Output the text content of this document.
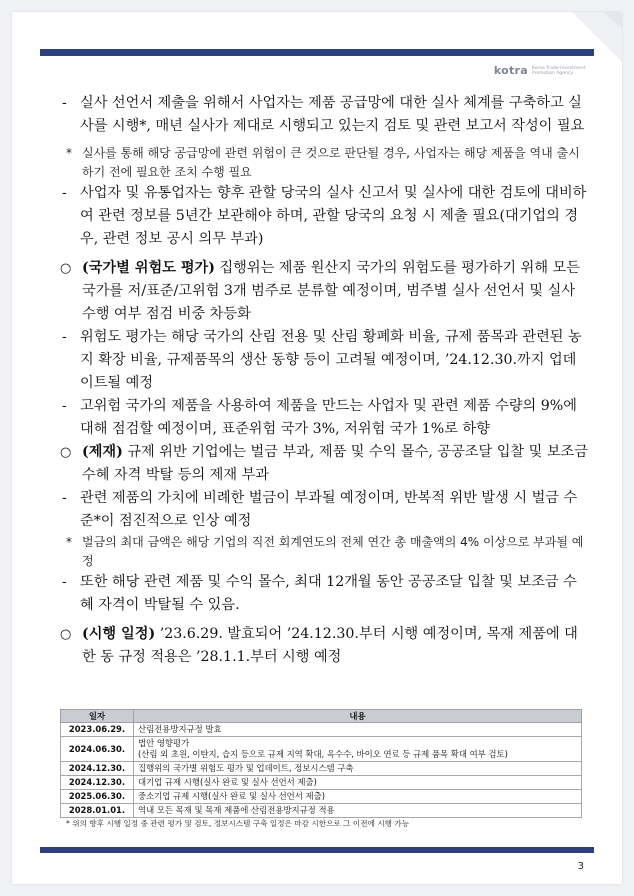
kotra Korea Trade-Investment Promotion Agency

- 실사 선언서 제출을 위해서 사업자는 제품 공급망에 대한 실사 체계를 구축하고 실사를 시행*, 매년 실사가 제대로 시행되고 있는지 검토 및 관련 보고서 작성이 필요

* 실사를 통해 해당 공급망에 관련 위험이 큰 것으로 판단될 경우, 사업자는 해당 제품을 역내 출시하기 전에 필요한 조치 수행 필요

- 사업자 및 유통업자는 향후 관할 당국의 실사 신고서 및 실사에 대한 검토에 대비하여 관련 정보를 5년간 보관해야 하며, 관할 당국의 요청 시 제출 필요(대기업의 경우, 관련 정보 공시 의무 부과)

○ (국가별 위험도 평가) 집행위는 제품 원산지 국가의 위험도를 평가하기 위해 모든 국가를 저/표준/고위험 3개 범주로 분류할 예정이며, 범주별 실사 선언서 및 실사 수행 여부 점검 비중 차등화

- 위험도 평가는 해당 국가의 산림 전용 및 산림 황폐화 비율, 규제 품목과 관련된 농지 확장 비율, 규제품목의 생산 동향 등이 고려될 예정이며, ’24.12.30.까지 업데이트될 예정

- 고위험 국가의 제품을 사용하여 제품을 만드는 사업자 및 관련 제품 수량의 9%에 대해 점검할 예정이며, 표준위험 국가 3%, 저위험 국가 1%로 하향

○ (제재) 규제 위반 기업에는 벌금 부과, 제품 및 수익 몰수, 공공조달 입찰 및 보조금 수혜 자격 박탈 등의 제재 부과

- 관련 제품의 가치에 비례한 벌금이 부과될 예정이며, 반복적 위반 발생 시 벌금 수준*이 점진적으로 인상 예정

* 벌금의 최대 금액은 해당 기업의 직전 회계연도의 전체 연간 총 매출액의 4% 이상으로 부과될 예정

- 또한 해당 관련 제품 및 수익 몰수, 최대 12개월 동안 공공조달 입찰 및 보조금 수혜 자격이 박탈될 수 있음.

○ (시행 일정) ’23.6.29. 발효되어 ’24.12.30.부터 시행 예정이며, 목재 제품에 대한 동 규정 적용은 ’28.1.1.부터 시행 예정

일자	내용
2023.06.29.	산림전용방지규정 발효
2024.06.30.	법안 영향평가
(산림 외 초원, 이탄지, 습지 등으로 규제 지역 확대, 옥수수, 바이오 연료 등 규제 품목 확대 여부 검토)

2024.12.30.	집행위의 국가별 위험도 평가 및 업데이트, 정보시스템 구축
2024.12.30.	대기업 규제 시행(실사 완료 및 실사 선언서 제출)
2025.06.30.	중소기업 규제 시행(실사 완료 및 실사 선언서 제출)
2028.01.01.	역내 모든 목재 및 목재 제품에 산림전용방지규정 적용
* 위의 향후 시행 일정 중 관련 평가 및 검토, 정보시스템 구축 일정은 마감 시한으로 그 이전에 시행 가능
3
